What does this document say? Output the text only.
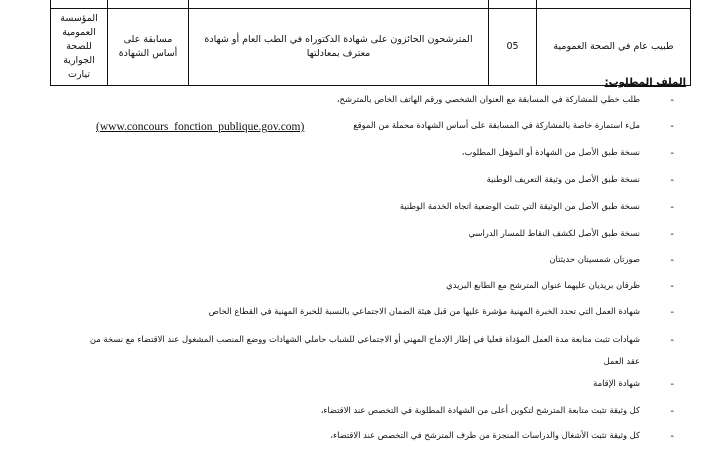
طبيب عام في الصحة العمومية	05	المترشحون الحائزون على شهادة الدكتوراه في الطب العام أو شهادة معترف بمعادلتها	مسابقة على أساس الشهادة	المؤسسة العمومية للصحة الجوارية تيارت
الملف المطلوب:
-
طلب خطي للمشاركة في المسابقة مع العنوان الشخصي ورقم الهاتف الخاص بالمترشح،
-
ملء استمارة خاصة بالمشاركة في المسابقة على أساس الشهادة محملة من الموقع
(www.concours_fonction_publique.gov.com)
-
نسخة طبق الأصل من الشهادة أو المؤهل المطلوب،
-
نسخة طبق الأصل من وثيقة التعريف الوطنية
-
نسخة طبق الأصل من الوثيقة التي تثبت الوضعية اتجاه الخدمة الوطنية
-
نسخة طبق الأصل لكشف النقاط للمسار الدراسي
-
صورتان شمسيتان حديثتان
-
ظرفان بريديان عليهما عنوان المترشح مع الطابع البريدي
-
شهادة العمل التي تحدد الخبرة المهنية مؤشرة عليها من قبل هيئة الضمان الاجتماعي بالنسبة للخبرة المهنية في القطاع الخاص
-
شهادات تثبت متابعة مدة العمل المؤداة فعليا في إطار الإدماج المهني أو الاجتماعي للشباب حاملي الشهادات ووضع المنصب المشغول عند الاقتضاء مع نسخة من
عقد العمل
-
شهادة الإقامة
-
كل وثيقة تثبت متابعة المترشح لتكوين أعلى من الشهادة المطلوبة في التخصص عند الاقتضاء،
-
كل وثيقة تثبت الأشغال والدراسات المنجزة من طرف المترشح في التخصص عند الاقتضاء،
